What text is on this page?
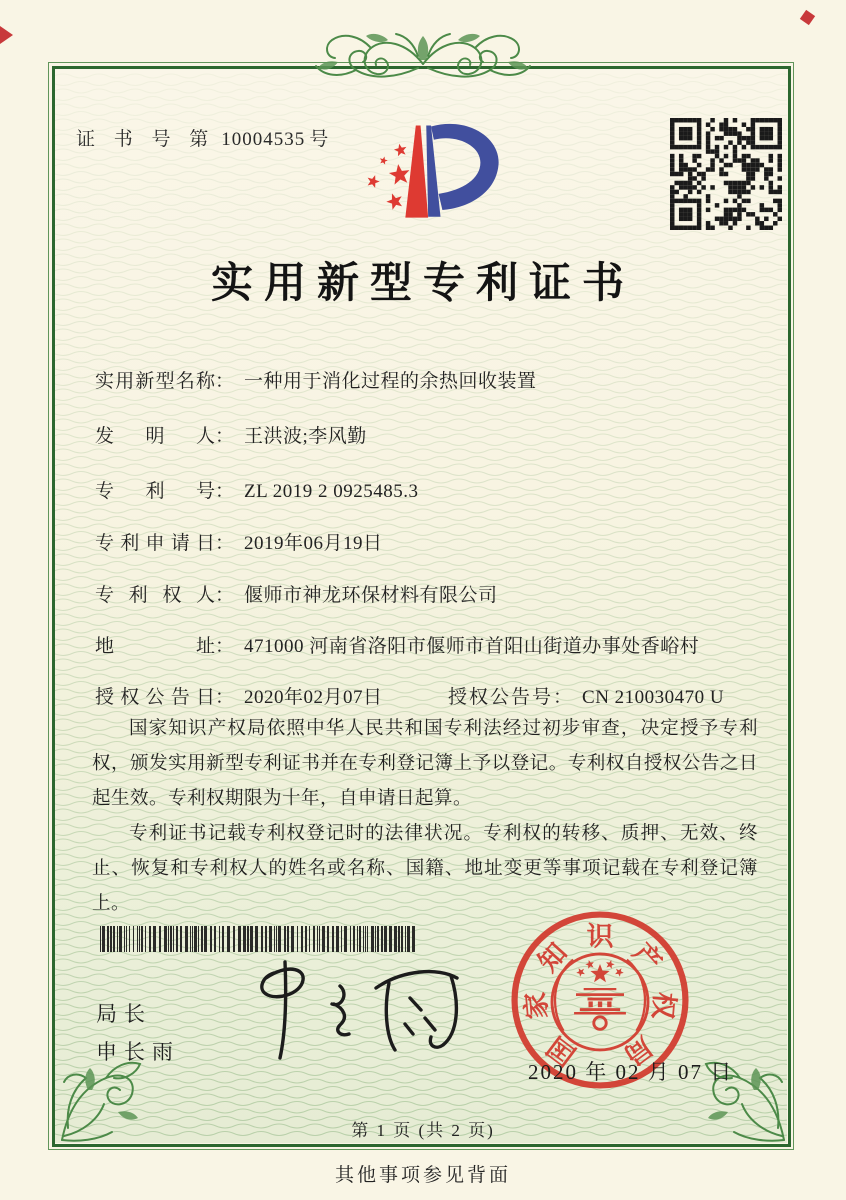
证 书 号 第 10004535 号
实用新型专利证书
实用新型名称 ： 一种用于消化过程的余热回收装置
发明人 ： 王洪波;李风勤
专利号 ： ZL 2019 2 0925485.3
专利申请日 ： 2019年06月19日
专利权人 ： 偃师市神龙环保材料有限公司
地址 ： 471000 河南省洛阳市偃师市首阳山街道办事处香峪村
授权公告日 ： 2020年02月07日	授权公告号 ： CN 210030470 U

国家知识产权局依照中华人民共和国专利法经过初步审查，决定授予专利权，颁发实用新型专利证书并在专利登记簿上予以登记。专利权自授权公告之日起生效。专利权期限为十年，自申请日起算。

专利证书记载专利权登记时的法律状况。专利权的转移、质押、无效、终止、恢复和专利权人的姓名或名称、国籍、地址变更等事项记载在专利登记簿上。

局长
申长雨	国
家
知
识
产
权
局
2020 年 02 月 07 日
第 1 页 (共 2 页)
其他事项参见背面
